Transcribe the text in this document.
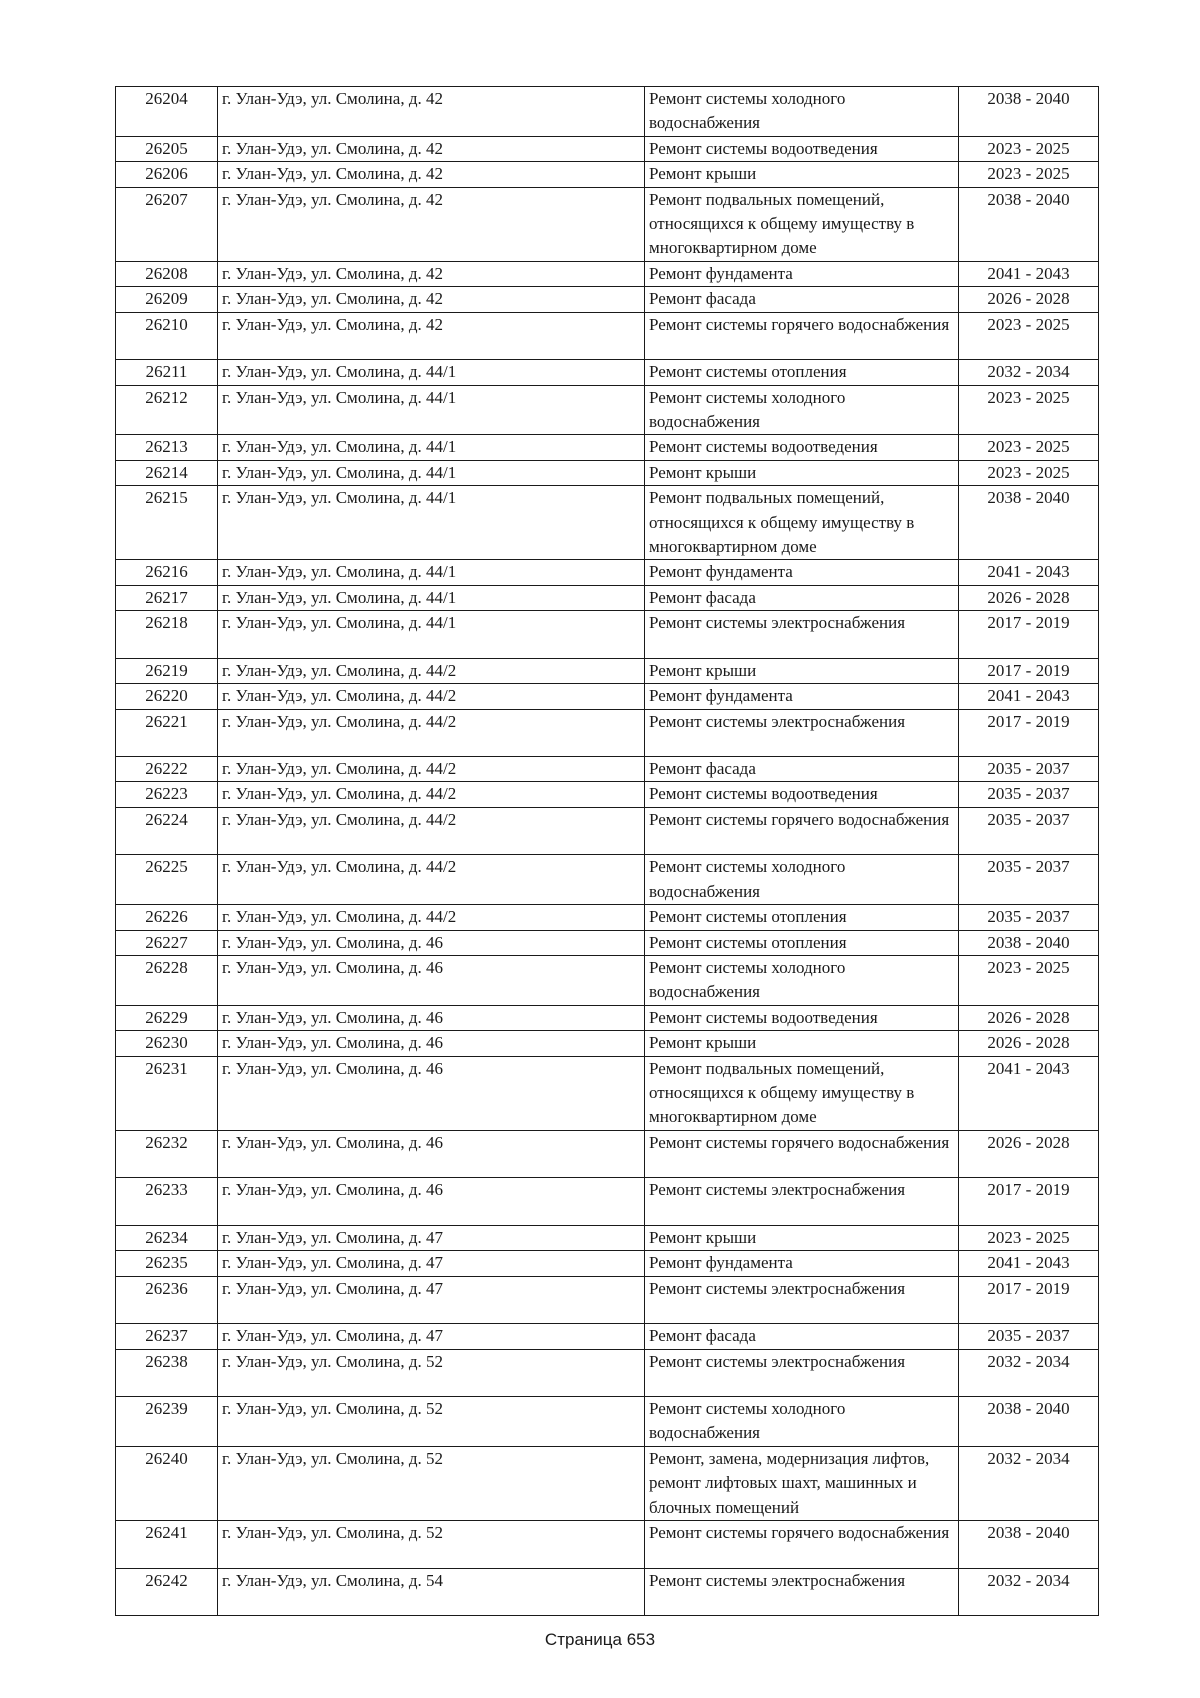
26204	г. Улан-Удэ, ул. Смолина, д. 42	Ремонт системы холодного водоснабжения	2038 - 2040
26205	г. Улан-Удэ, ул. Смолина, д. 42	Ремонт системы водоотведения	2023 - 2025
26206	г. Улан-Удэ, ул. Смолина, д. 42	Ремонт крыши	2023 - 2025
26207	г. Улан-Удэ, ул. Смолина, д. 42	Ремонт подвальных помещений, относящихся к общему имуществу в многоквартирном доме	2038 - 2040
26208	г. Улан-Удэ, ул. Смолина, д. 42	Ремонт фундамента	2041 - 2043
26209	г. Улан-Удэ, ул. Смолина, д. 42	Ремонт фасада	2026 - 2028
26210	г. Улан-Удэ, ул. Смолина, д. 42	Ремонт системы горячего водоснабжения	2023 - 2025
26211	г. Улан-Удэ, ул. Смолина, д. 44/1	Ремонт системы отопления	2032 - 2034
26212	г. Улан-Удэ, ул. Смолина, д. 44/1	Ремонт системы холодного водоснабжения	2023 - 2025
26213	г. Улан-Удэ, ул. Смолина, д. 44/1	Ремонт системы водоотведения	2023 - 2025
26214	г. Улан-Удэ, ул. Смолина, д. 44/1	Ремонт крыши	2023 - 2025
26215	г. Улан-Удэ, ул. Смолина, д. 44/1	Ремонт подвальных помещений, относящихся к общему имуществу в многоквартирном доме	2038 - 2040
26216	г. Улан-Удэ, ул. Смолина, д. 44/1	Ремонт фундамента	2041 - 2043
26217	г. Улан-Удэ, ул. Смолина, д. 44/1	Ремонт фасада	2026 - 2028
26218	г. Улан-Удэ, ул. Смолина, д. 44/1	Ремонт системы электроснабжения	2017 - 2019
26219	г. Улан-Удэ, ул. Смолина, д. 44/2	Ремонт крыши	2017 - 2019
26220	г. Улан-Удэ, ул. Смолина, д. 44/2	Ремонт фундамента	2041 - 2043
26221	г. Улан-Удэ, ул. Смолина, д. 44/2	Ремонт системы электроснабжения	2017 - 2019
26222	г. Улан-Удэ, ул. Смолина, д. 44/2	Ремонт фасада	2035 - 2037
26223	г. Улан-Удэ, ул. Смолина, д. 44/2	Ремонт системы водоотведения	2035 - 2037
26224	г. Улан-Удэ, ул. Смолина, д. 44/2	Ремонт системы горячего водоснабжения	2035 - 2037
26225	г. Улан-Удэ, ул. Смолина, д. 44/2	Ремонт системы холодного водоснабжения	2035 - 2037
26226	г. Улан-Удэ, ул. Смолина, д. 44/2	Ремонт системы отопления	2035 - 2037
26227	г. Улан-Удэ, ул. Смолина, д. 46	Ремонт системы отопления	2038 - 2040
26228	г. Улан-Удэ, ул. Смолина, д. 46	Ремонт системы холодного водоснабжения	2023 - 2025
26229	г. Улан-Удэ, ул. Смолина, д. 46	Ремонт системы водоотведения	2026 - 2028
26230	г. Улан-Удэ, ул. Смолина, д. 46	Ремонт крыши	2026 - 2028
26231	г. Улан-Удэ, ул. Смолина, д. 46	Ремонт подвальных помещений, относящихся к общему имуществу в многоквартирном доме	2041 - 2043
26232	г. Улан-Удэ, ул. Смолина, д. 46	Ремонт системы горячего водоснабжения	2026 - 2028
26233	г. Улан-Удэ, ул. Смолина, д. 46	Ремонт системы электроснабжения	2017 - 2019
26234	г. Улан-Удэ, ул. Смолина, д. 47	Ремонт крыши	2023 - 2025
26235	г. Улан-Удэ, ул. Смолина, д. 47	Ремонт фундамента	2041 - 2043
26236	г. Улан-Удэ, ул. Смолина, д. 47	Ремонт системы электроснабжения	2017 - 2019
26237	г. Улан-Удэ, ул. Смолина, д. 47	Ремонт фасада	2035 - 2037
26238	г. Улан-Удэ, ул. Смолина, д. 52	Ремонт системы электроснабжения	2032 - 2034
26239	г. Улан-Удэ, ул. Смолина, д. 52	Ремонт системы холодного водоснабжения	2038 - 2040
26240	г. Улан-Удэ, ул. Смолина, д. 52	Ремонт, замена, модернизация лифтов, ремонт лифтовых шахт, машинных и блочных помещений	2032 - 2034
26241	г. Улан-Удэ, ул. Смолина, д. 52	Ремонт системы горячего водоснабжения	2038 - 2040
26242	г. Улан-Удэ, ул. Смолина, д. 54	Ремонт системы электроснабжения	2032 - 2034
Страница 653
